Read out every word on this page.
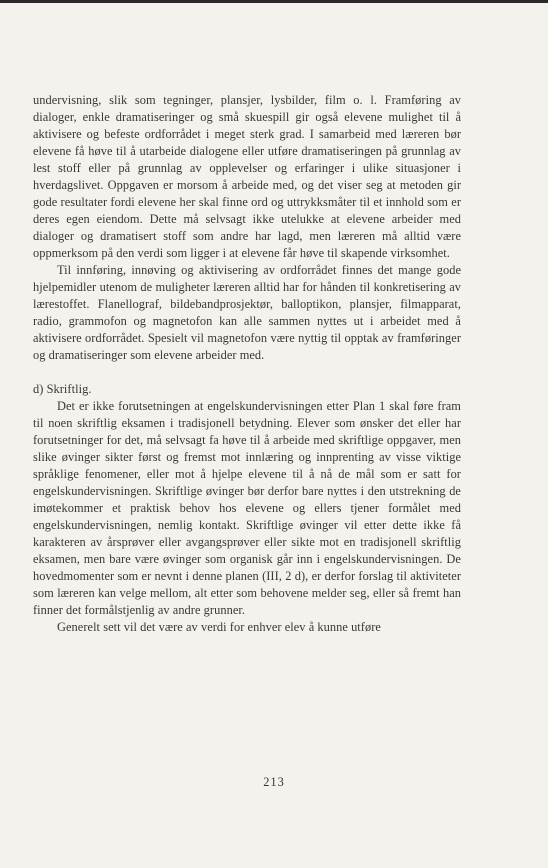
undervisning, slik som tegninger, plansjer, lysbilder, film o. l. Framføring av dialoger, enkle dramatiseringer og små skuespill gir også elevene mulighet til å aktivisere og befeste ordforrådet i meget sterk grad. I samarbeid med læreren bør elevene få høve til å utarbeide dialogene eller utføre dramatiseringen på grunnlag av lest stoff eller på grunnlag av opplevelser og erfaringer i ulike situasjoner i hverdagslivet. Oppgaven er morsom å arbeide med, og det viser seg at metoden gir gode resultater fordi elevene her skal finne ord og uttrykksmåter til et innhold som er deres egen eiendom. Dette må selvsagt ikke utelukke at elevene arbeider med dialoger og dramatisert stoff som andre har lagd, men læreren må alltid være oppmerksom på den verdi som ligger i at elevene får høve til skapende virksomhet.

Til innføring, innøving og aktivisering av ordforrådet finnes det mange gode hjelpemidler utenom de muligheter læreren alltid har for hånden til konkretisering av lærestoffet. Flanellograf, bildebandprosjektør, balloptikon, plansjer, filmapparat, radio, grammofon og magnetofon kan alle sammen nyttes ut i arbeidet med å aktivisere ordforrådet. Spesielt vil magnetofon være nyttig til opptak av framføringer og dramatiseringer som elevene arbeider med.

d) Skriftlig.

Det er ikke forutsetningen at engelskundervisningen etter Plan 1 skal føre fram til noen skriftlig eksamen i tradisjonell betydning. Elever som ønsker det eller har forutsetninger for det, må selvsagt fa høve til å arbeide med skriftlige oppgaver, men slike øvinger sikter først og fremst mot innlæring og innprenting av visse viktige språklige fenomener, eller mot å hjelpe elevene til å nå de mål som er satt for engelskundervisningen. Skriftlige øvinger bør derfor bare nyttes i den utstrekning de imøtekommer et praktisk behov hos elevene og ellers tjener formålet med engelskundervisningen, nemlig kontakt. Skriftlige øvinger vil etter dette ikke få karakteren av årsprøver eller avgangsprøver eller sikte mot en tradisjonell skriftlig eksamen, men bare være øvinger som organisk går inn i engelskundervisningen. De hovedmomenter som er nevnt i denne planen (III, 2 d), er derfor forslag til aktiviteter som læreren kan velge mellom, alt etter som behovene melder seg, eller så fremt han finner det formålstjenlig av andre grunner.

Generelt sett vil det være av verdi for enhver elev å kunne utføre

213
